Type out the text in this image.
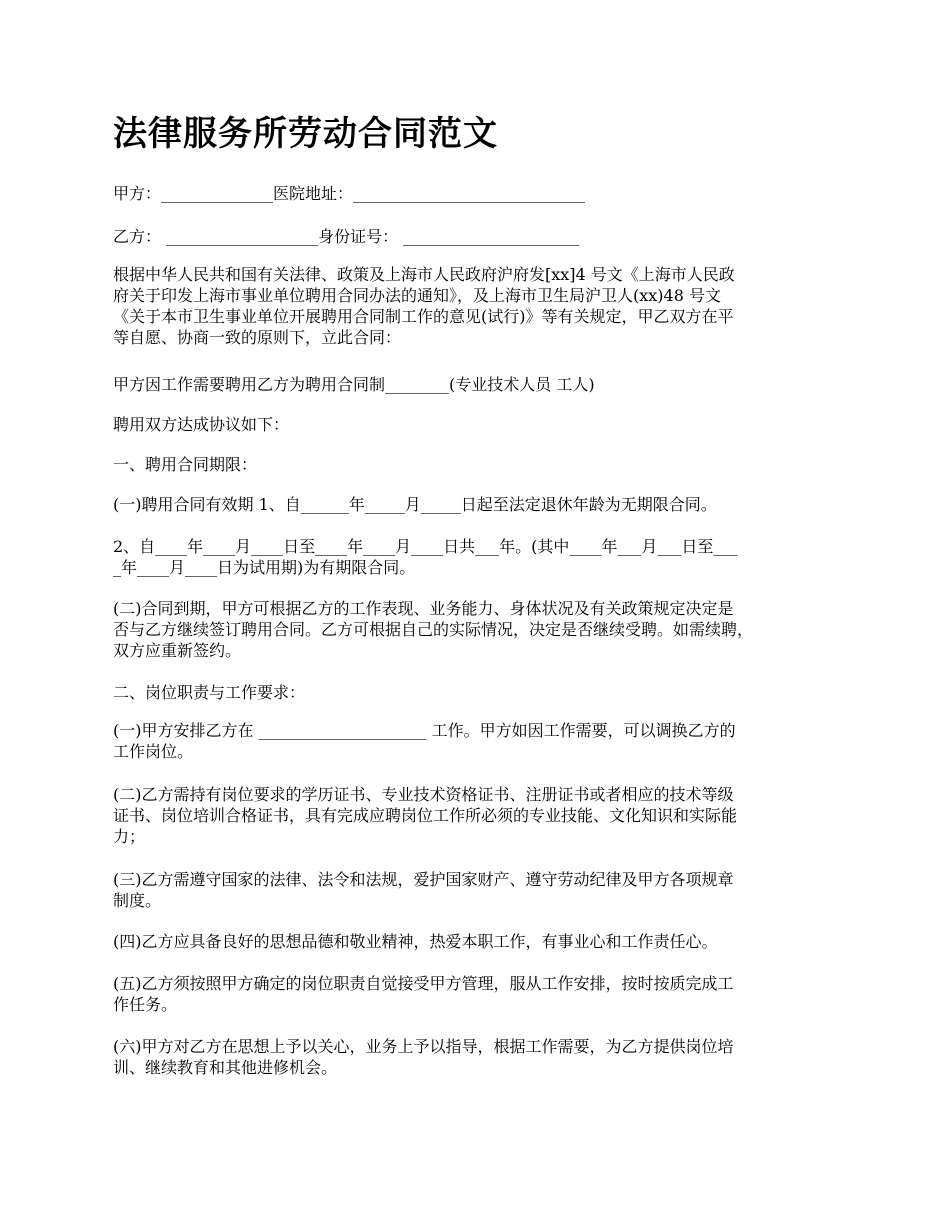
法律服务所劳动合同范文
甲方：______________医院地址：_____________________________
乙方： ___________________身份证号： ______________________
根据中华人民共和国有关法律、政策及上海市人民政府沪府发[xx]4 号文《上海市人民政
府关于印发上海市事业单位聘用合同办法的通知》，及上海市卫生局沪卫人(xx)48 号文
《关于本市卫生事业单位开展聘用合同制工作的意见(试行)》等有关规定，甲乙双方在平
等自愿、协商一致的原则下，立此合同：
甲方因工作需要聘用乙方为聘用合同制________(专业技术人员 工人)
聘用双方达成协议如下：
一、聘用合同期限：
(一)聘用合同有效期 1、自______年_____月_____日起至法定退休年龄为无期限合同。
2、自____年____月____日至____年____月____日共___年。(其中____年___月___日至___
_年____月____日为试用期)为有期限合同。
(二)合同到期，甲方可根据乙方的工作表现、业务能力、身体状况及有关政策规定决定是
否与乙方继续签订聘用合同。乙方可根据自己的实际情况，决定是否继续受聘。如需续聘，
双方应重新签约。
二、岗位职责与工作要求：
(一)甲方安排乙方在 _____________________ 工作。甲方如因工作需要，可以调换乙方的
工作岗位。
(二)乙方需持有岗位要求的学历证书、专业技术资格证书、注册证书或者相应的技术等级
证书、岗位培训合格证书，具有完成应聘岗位工作所必须的专业技能、文化知识和实际能
力；
(三)乙方需遵守国家的法律、法令和法规，爱护国家财产、遵守劳动纪律及甲方各项规章
制度。
(四)乙方应具备良好的思想品德和敬业精神，热爱本职工作，有事业心和工作责任心。
(五)乙方须按照甲方确定的岗位职责自觉接受甲方管理，服从工作安排，按时按质完成工
作任务。
(六)甲方对乙方在思想上予以关心，业务上予以指导，根据工作需要，为乙方提供岗位培
训、继续教育和其他进修机会。
